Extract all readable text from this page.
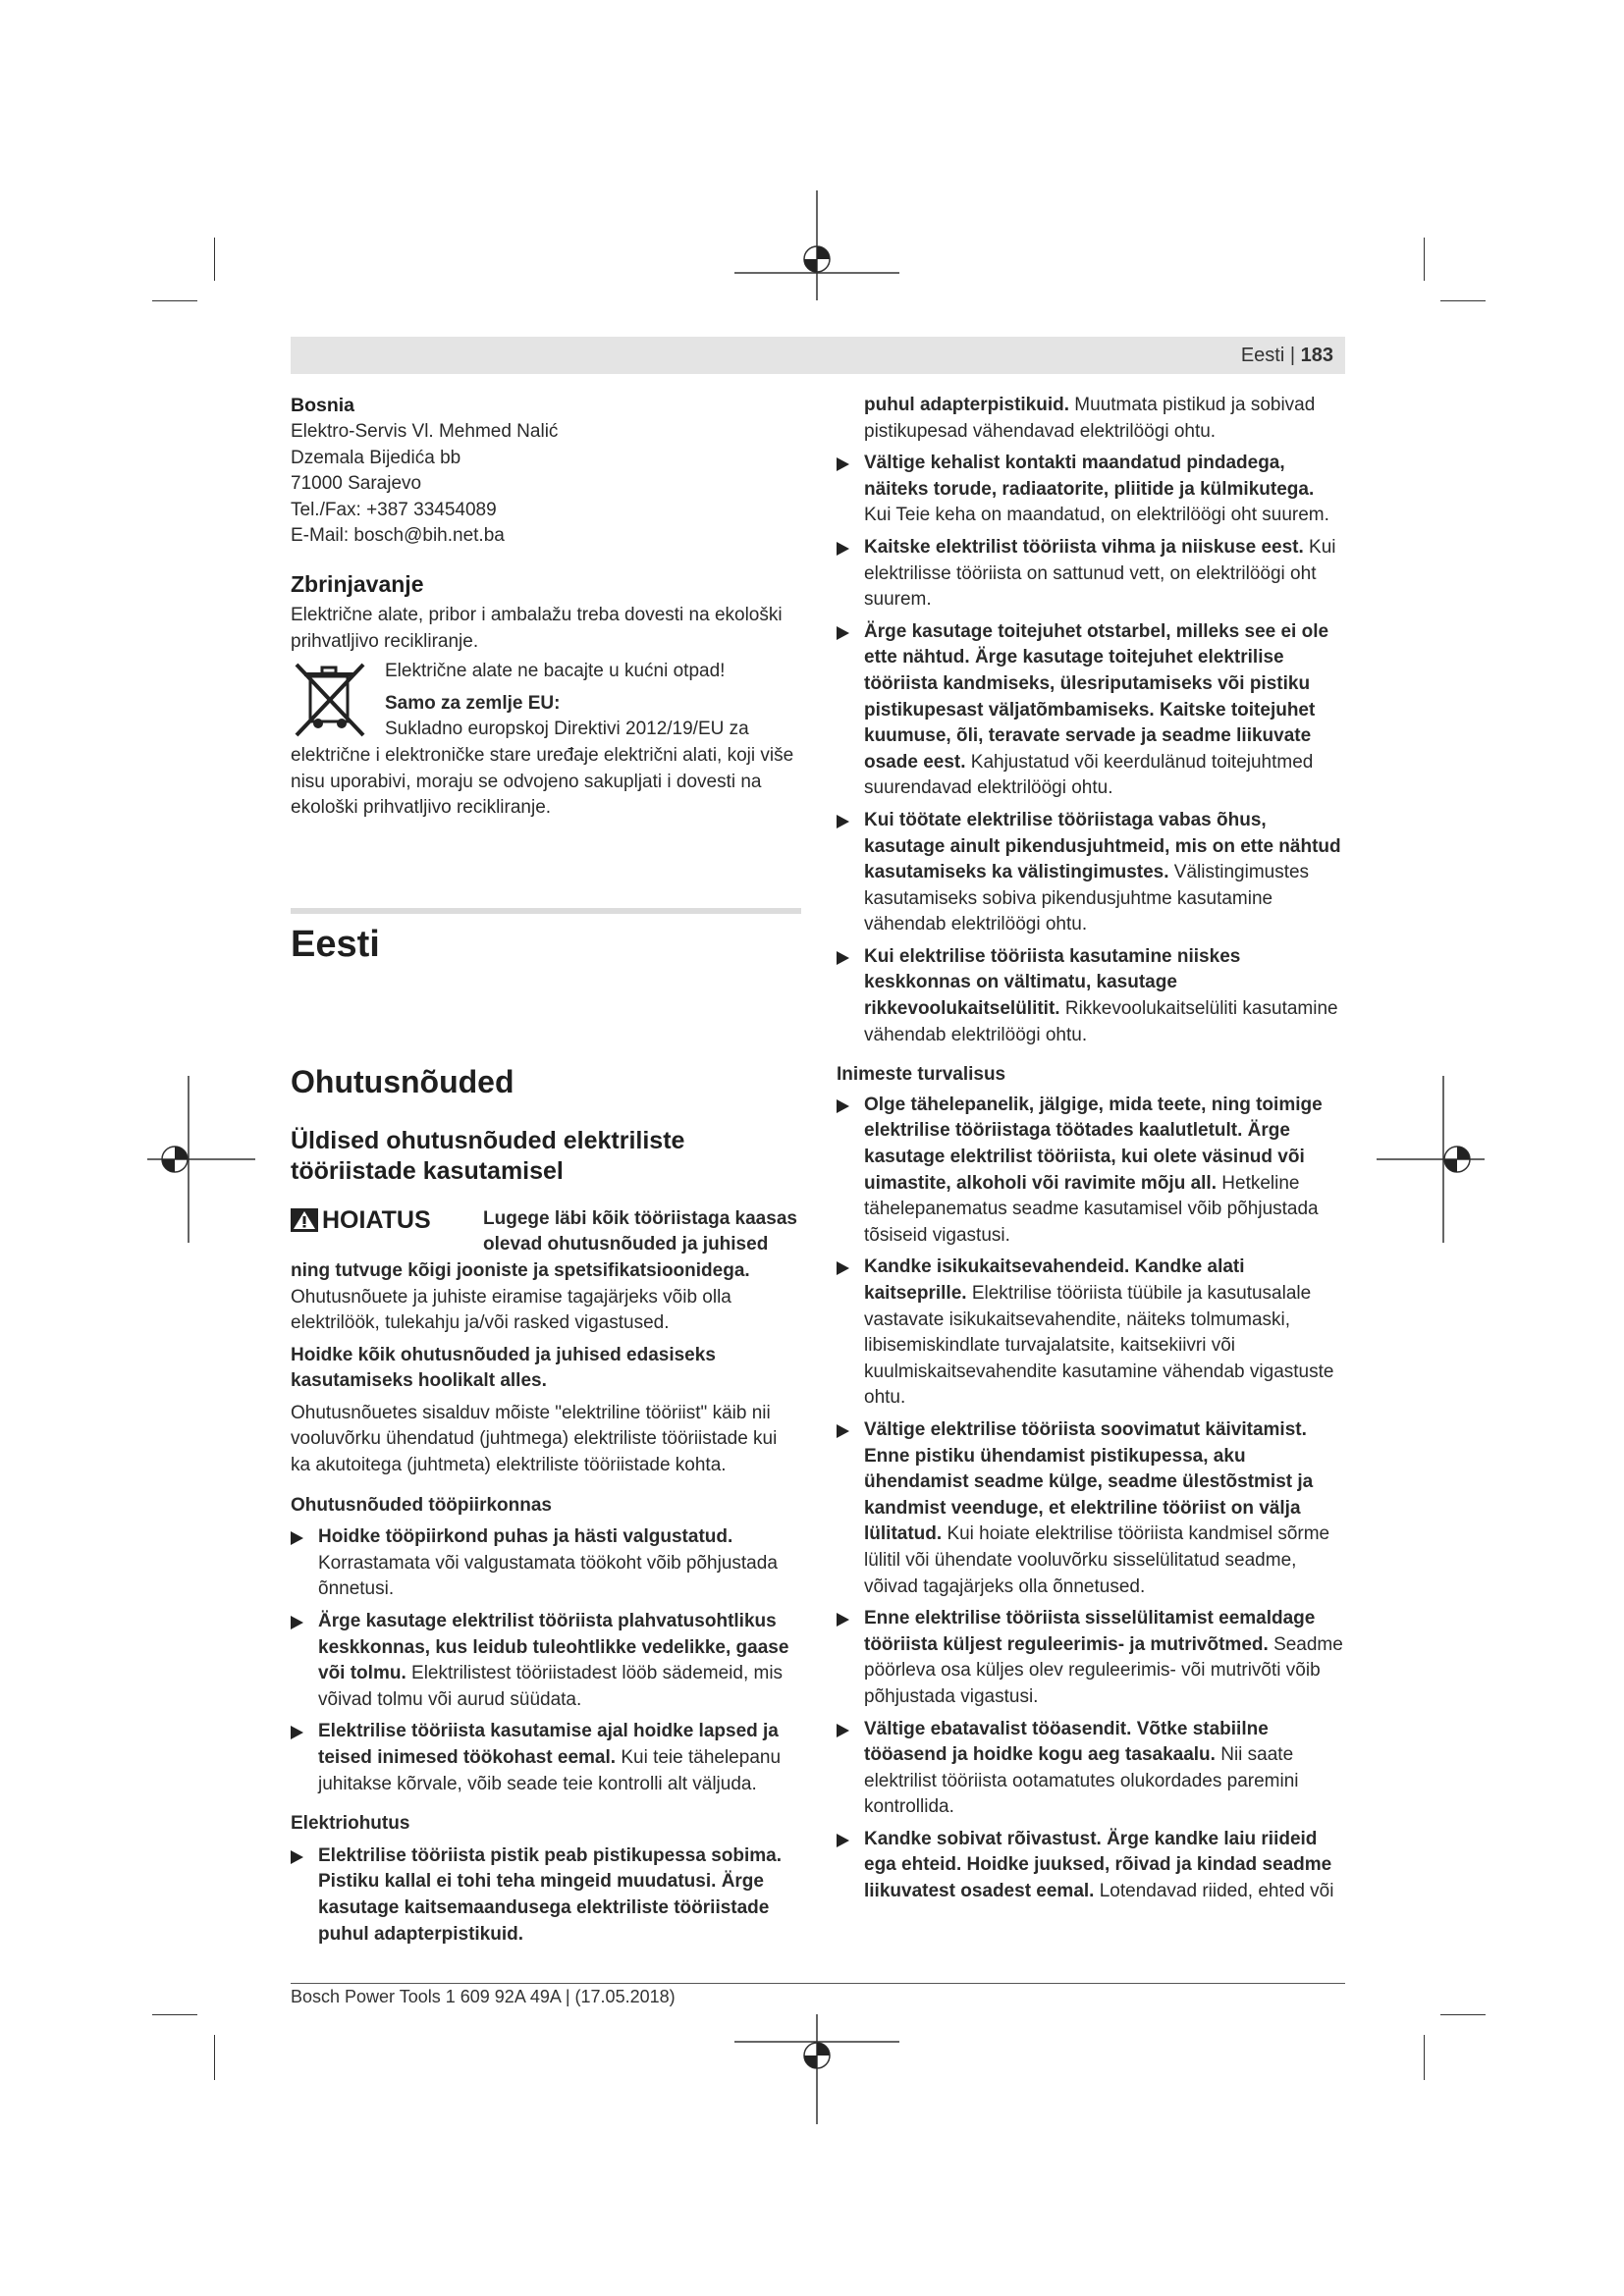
Eesti | 183

Bosnia

Elektro-Servis Vl. Mehmed Nalić
Dzemala Bijedića bb
71000 Sarajevo
Tel./Fax: +387 33454089
E-Mail: bosch@bih.net.ba

Zbrinjavanje

Električne alate, pribor i ambalažu treba dovesti na ekološki prihvatljivo recikliranje.

Električne alate ne bacajte u kućni otpad!

Samo za zemlje EU:

Sukladno europskoj Direktivi 2012/19/EU za električne i elektroničke stare uređaje električni alati, koji više nisu uporabivi, moraju se odvojeno sakupljati i dovesti na ekološki prihvatljivo recikliranje.

Eesti

Ohutusnõuded

Üldised ohutusnõuded elektriliste tööriistade kasutamisel

HOIATUS	Lugege läbi kõik tööriistaga kaasas olevad ohutusnõuded ja juhised

ning tutvuge kõigi jooniste ja spetsifikatsioonidega.

Ohutusnõuete ja juhiste eiramise tagajärjeks võib olla elektrilöök, tulekahju ja/või rasked vigastused.

Hoidke kõik ohutusnõuded ja juhised edasiseks kasutamiseks hoolikalt alles.

Ohutusnõuetes sisalduv mõiste "elektriline tööriist" käib nii vooluvõrku ühendatud (juhtmega) elektriliste tööriistade kui ka akutoitega (juhtmeta) elektriliste tööriistade kohta.

Ohutusnõuded tööpiirkonnas

Hoidke tööpiirkond puhas ja hästi valgustatud. Korrastamata või valgustamata töökoht võib põhjustada õnnetusi.

Ärge kasutage elektrilist tööriista plahvatusohtlikus keskkonnas, kus leidub tuleohtlikke vedelikke, gaase või tolmu. Elektrilistest tööriistadest lööb sädemeid, mis võivad tolmu või aurud süüdata.

Elektrilise tööriista kasutamise ajal hoidke lapsed ja teised inimesed töökohast eemal. Kui teie tähelepanu juhitakse kõrvale, võib seade teie kontrolli alt väljuda.

Elektriohutus

Elektrilise tööriista pistik peab pistikupessa sobima. Pistiku kallal ei tohi teha mingeid muudatusi. Ärge kasutage kaitsemaandusega elektriliste tööriistade puhul adapterpistikuid.

puhul adapterpistikuid. Muutmata pistikud ja sobivad pistikupesad vähendavad elektrilöögi ohtu.

Vältige kehalist kontakti maandatud pindadega, näiteks torude, radiaatorite, pliitide ja külmikutega. Kui Teie keha on maandatud, on elektrilöögi oht suurem.

Kaitske elektrilist tööriista vihma ja niiskuse eest. Kui elektrilisse tööriista on sattunud vett, on elektrilöögi oht suurem.

Ärge kasutage toitejuhet otstarbel, milleks see ei ole ette nähtud. Ärge kasutage toitejuhet elektrilise tööriista kandmiseks, ülesriputamiseks või pistiku pistikupesast väljatõmbamiseks. Kaitske toitejuhet kuumuse, õli, teravate servade ja seadme liikuvate osade eest. Kahjustatud või keerdulänud toitejuhtmed suurendavad elektrilöögi ohtu.

Kui töötate elektrilise tööriistaga vabas õhus, kasutage ainult pikendusjuhtmeid, mis on ette nähtud kasutamiseks ka välistingimustes. Välistingimustes kasutamiseks sobiva pikendusjuhtme kasutamine vähendab elektrilöögi ohtu.

Kui elektrilise tööriista kasutamine niiskes keskkonnas on vältimatu, kasutage rikkevoolukaitselülitit. Rikkevoolukaitselüliti kasutamine vähendab elektrilöögi ohtu.

Inimeste turvalisus

Olge tähelepanelik, jälgige, mida teete, ning toimige elektrilise tööriistaga töötades kaalutletult. Ärge kasutage elektrilist tööriista, kui olete väsinud või uimastite, alkoholi või ravimite mõju all. Hetkeline tähelepanematus seadme kasutamisel võib põhjustada tõsiseid vigastusi.

Kandke isikukaitsevahendeid. Kandke alati kaitseprille. Elektrilise tööriista tüübile ja kasutusalale vastavate isikukaitsevahendite, näiteks tolmumaski, libisemiskindlate turvajalatsite, kaitsekiivri või kuulmiskaitsevahendite kasutamine vähendab vigastuste ohtu.

Vältige elektrilise tööriista soovimatut käivitamist. Enne pistiku ühendamist pistikupessa, aku ühendamist seadme külge, seadme ülestõstmist ja kandmist veenduge, et elektriline tööriist on välja lülitatud. Kui hoiate elektrilise tööriista kandmisel sõrme lülitil või ühendate vooluvõrku sisselülitatud seadme, võivad tagajärjeks olla õnnetused.

Enne elektrilise tööriista sisselülitamist eemaldage tööriista küljest reguleerimis- ja mutrivõtmed. Seadme pöörleva osa küljes olev reguleerimis- või mutrivõti võib põhjustada vigastusi.

Vältige ebatavalist tööasendit. Võtke stabiilne tööasend ja hoidke kogu aeg tasakaalu. Nii saate elektrilist tööriista ootamatutes olukordades paremini kontrollida.

Kandke sobivat rõivastust. Ärge kandke laiu riideid ega ehteid. Hoidke juuksed, rõivad ja kindad seadme liikuvatest osadest eemal. Lotendavad riided, ehted või

Bosch Power Tools 1 609 92A 49A | (17.05.2018)
